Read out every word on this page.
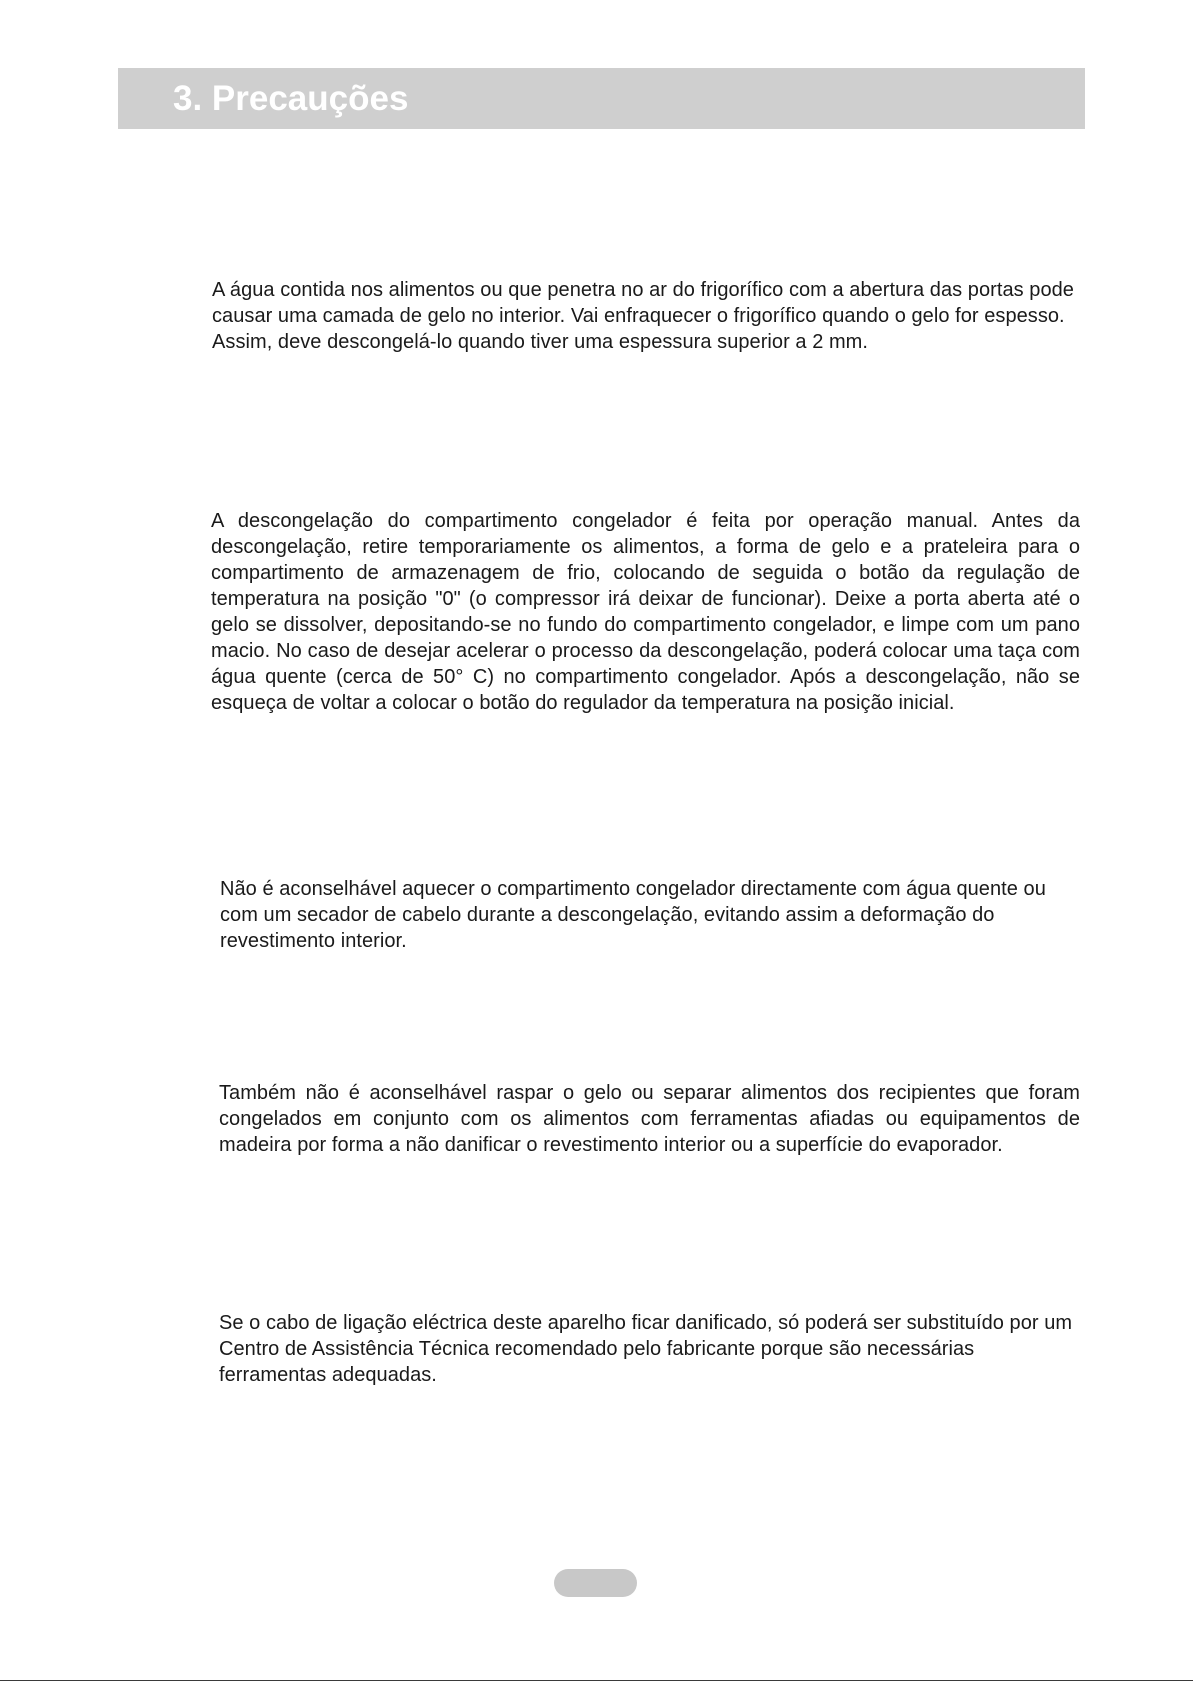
3. Precauções

A água contida nos alimentos ou que penetra no ar do frigorífico com a abertura das portas pode causar uma camada de gelo no interior. Vai enfraquecer o frigorífico quando o gelo for espesso. Assim, deve descongelá-lo quando tiver uma espessura superior a 2 mm.

A descongelação do compartimento congelador é feita por operação manual. Antes da descongelação, retire temporariamente os alimentos, a forma de gelo e a prateleira para o compartimento de armazenagem de frio, colocando de seguida o botão da regulação de temperatura na posição "0" (o compressor irá deixar de funcionar). Deixe a porta aberta até o gelo se dissolver, depositando-se no fundo do compartimento congelador, e limpe com um pano macio. No caso de desejar acelerar o processo da descongelação, poderá colocar uma taça com água quente (cerca de 50° C) no compartimento congelador. Após a descongelação, não se esqueça de voltar a colocar o botão do regulador da temperatura na posição inicial.

Não é aconselhável aquecer o compartimento congelador directamente com água quente ou com um secador de cabelo durante a descongelação, evitando assim a deformação do revestimento interior.

Também não é aconselhável raspar o gelo ou separar alimentos dos recipientes que foram congelados em conjunto com os alimentos com ferramentas afiadas ou equipamentos de madeira por forma a não danificar o revestimento interior ou a superfície do evaporador.

Se o cabo de ligação eléctrica deste aparelho ficar danificado, só poderá ser substituído por um Centro de Assistência Técnica recomendado pelo fabricante porque são necessárias ferramentas adequadas.
